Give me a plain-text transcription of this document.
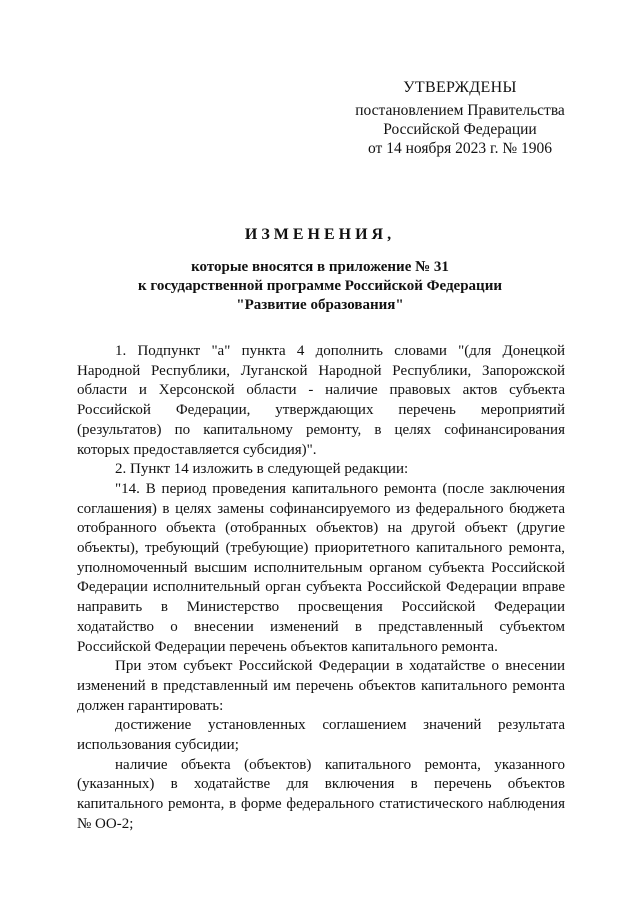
УТВЕРЖДЕНЫ
постановлением Правительства
Российской Федерации
от 14 ноября 2023 г. № 1906
ИЗМЕНЕНИЯ,
которые вносятся в приложение № 31
к государственной программе Российской Федерации
"Развитие образования"

1. Подпункт "а" пункта 4 дополнить словами "(для Донецкой Народной Республики, Луганской Народной Республики, Запорожской области и Херсонской области - наличие правовых актов субъекта Российской Федерации, утверждающих перечень мероприятий (результатов) по капитальному ремонту, в целях софинансирования которых предоставляется субсидия)".

2. Пункт 14 изложить в следующей редакции:

"14. В период проведения капитального ремонта (после заключения соглашения) в целях замены софинансируемого из федерального бюджета отобранного объекта (отобранных объектов) на другой объект (другие объекты), требующий (требующие) приоритетного капитального ремонта, уполномоченный высшим исполнительным органом субъекта Российской Федерации исполнительный орган субъекта Российской Федерации вправе направить в Министерство просвещения Российской Федерации ходатайство о внесении изменений в представленный субъектом Российской Федерации перечень объектов капитального ремонта.

При этом субъект Российской Федерации в ходатайстве о внесении изменений в представленный им перечень объектов капитального ремонта должен гарантировать:

достижение установленных соглашением значений результата использования субсидии;

наличие объекта (объектов) капитального ремонта, указанного (указанных) в ходатайстве для включения в перечень объектов капитального ремонта, в форме федерального статистического наблюдения № ОО-2;
